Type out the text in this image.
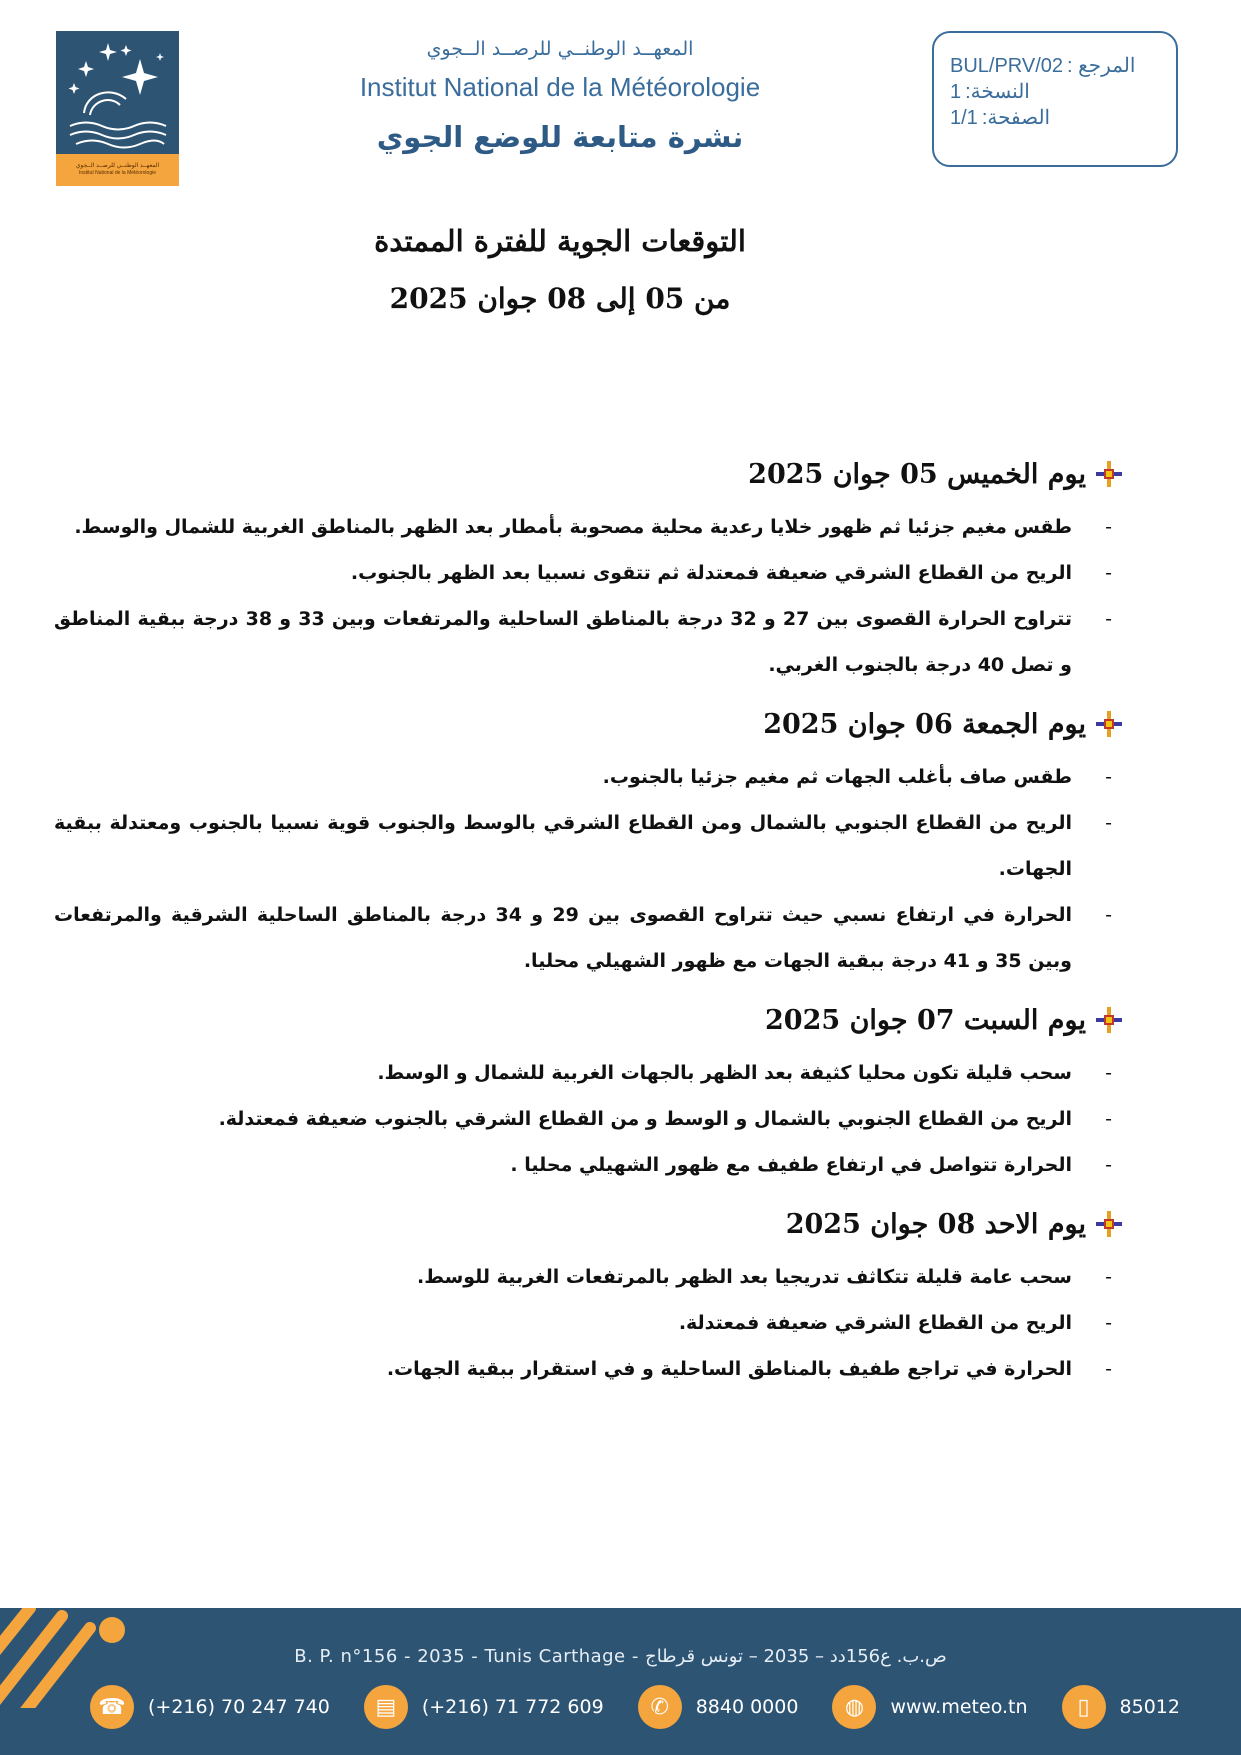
المعهــد الوطنــي للرصــد الــجوي
Institut National de la Météorologie
المعهــد الوطنــي للرصــد الــجوي
Institut National de la Météorologie
نشرة متابعة للوضع الجوي
المرجع :
BUL/PRV/02
النسخة:
1
الصفحة:
1/1
التوقعات الجوية للفترة الممتدة
من 05 إلى 08 جوان 2025
يوم الخميس 05 جوان 2025
-
طقس مغيم جزئيا ثم ظهور خلايا رعدية محلية مصحوبة بأمطار بعد الظهر بالمناطق الغربية للشمال والوسط.
-
الريح من القطاع الشرقي ضعيفة فمعتدلة ثم تتقوى نسبيا بعد الظهر بالجنوب.
-
تتراوح الحرارة القصوى بين 27 و 32 درجة بالمناطق الساحلية والمرتفعات وبين 33 و 38 درجة ببقية المناطق و تصل 40 درجة بالجنوب الغربي.
يوم الجمعة 06 جوان 2025
-
طقس صاف بأغلب الجهات ثم مغيم جزئيا بالجنوب.
-
الريح من القطاع الجنوبي بالشمال ومن القطاع الشرقي بالوسط والجنوب قوية نسبيا بالجنوب ومعتدلة ببقية الجهات.
-
الحرارة في ارتفاع نسبي حيث تتراوح القصوى بين 29 و 34 درجة بالمناطق الساحلية الشرقية والمرتفعات وبين 35 و 41 درجة ببقية الجهات مع ظهور الشهيلي محليا.
يوم السبت 07 جوان 2025
-
سحب قليلة تكون محليا كثيفة بعد الظهر بالجهات الغربية للشمال و الوسط.
-
الريح من القطاع الجنوبي بالشمال و الوسط و من القطاع الشرقي بالجنوب ضعيفة فمعتدلة.
-
الحرارة تتواصل في ارتفاع طفيف مع ظهور الشهيلي محليا .
يوم الاحد 08 جوان 2025
-
سحب عامة قليلة تتكاثف تدريجيا بعد الظهر بالمرتفعات الغربية للوسط.
-
الريح من القطاع الشرقي ضعيفة فمعتدلة.
-
الحرارة في تراجع طفيف بالمناطق الساحلية و في استقرار ببقية الجهات.
B. P. n°156 - 2035 - Tunis Carthage - ص.ب. ع156دد – 2035 – تونس قرطاج
☎	(+216) 70 247 740	▤	(+216) 71 772 609	✆	8840 0000	◍	www.meteo.tn	▯	85012
